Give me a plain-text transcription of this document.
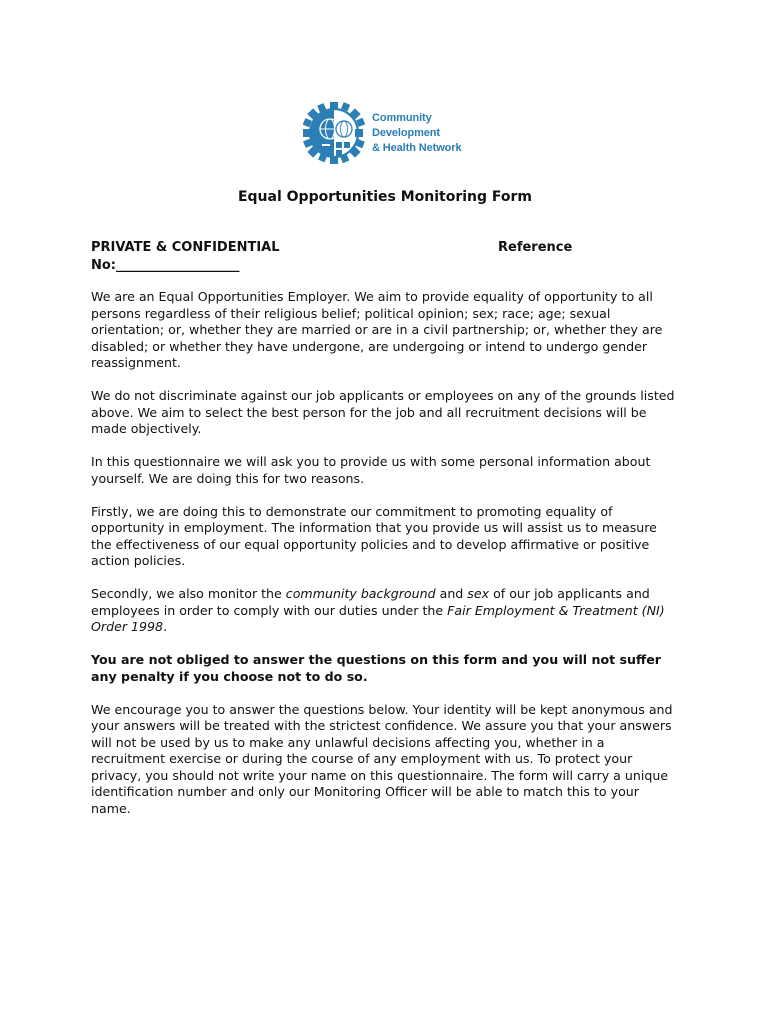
Community
Development
& Health Network
Equal Opportunities Monitoring Form
PRIVATE & CONFIDENTIAL	Reference
No:___________________

We are an Equal Opportunities Employer. We aim to provide equality of opportunity to all persons regardless of their religious belief; political opinion; sex; race; age; sexual orientation; or, whether they are married or are in a civil partnership; or, whether they are disabled; or whether they have undergone, are undergoing or intend to undergo gender reassignment.

We do not discriminate against our job applicants or employees on any of the grounds listed above. We aim to select the best person for the job and all recruitment decisions will be made objectively.

In this questionnaire we will ask you to provide us with some personal information about yourself. We are doing this for two reasons.

Firstly, we are doing this to demonstrate our commitment to promoting equality of opportunity in employment. The information that you provide us will assist us to measure the effectiveness of our equal opportunity policies and to develop affirmative or positive action policies.

Secondly, we also monitor the community background and sex of our job applicants and employees in order to comply with our duties under the Fair Employment & Treatment (NI) Order 1998.

You are not obliged to answer the questions on this form and you will not suffer any penalty if you choose not to do so.

We encourage you to answer the questions below. Your identity will be kept anonymous and your answers will be treated with the strictest confidence. We assure you that your answers will not be used by us to make any unlawful decisions affecting you, whether in a recruitment exercise or during the course of any employment with us. To protect your privacy, you should not write your name on this questionnaire. The form will carry a unique identification number and only our Monitoring Officer will be able to match this to your name.
